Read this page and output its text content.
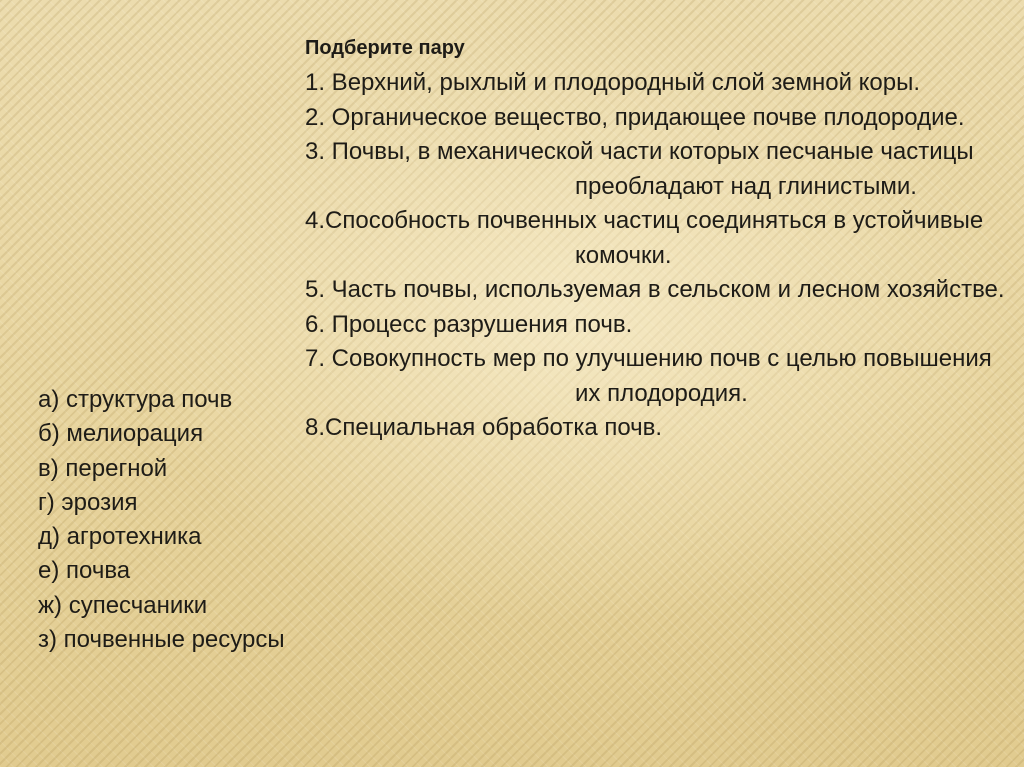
Подберите пару
1. Верхний, рыхлый и плодородный слой земной коры.
2. Органическое вещество, придающее почве плодородие.
3. Почвы, в механической части которых песчаные частицы преобладают над глинистыми.
4.Способность почвенных частиц соединяться в устойчивые комочки.
5. Часть почвы, используемая в сельском и лесном хозяйстве.
6. Процесс разрушения почв.
7. Совокупность мер по улучшению почв с целью повышения их плодородия.
8.Специальная обработка почв.
а) структура почв
б) мелиорация
в) перегной
г) эрозия
д) агротехника
е) почва
ж) супесчаники
з) почвенные ресурсы
